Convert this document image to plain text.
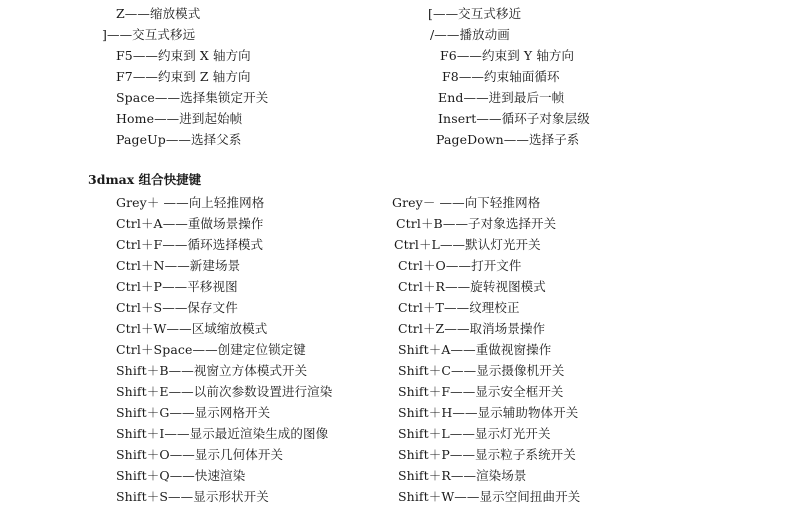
Z——缩放模式
]——交互式移远
F5——约束到 X 轴方向
F7——约束到 Z 轴方向
Space——选择集锁定开关
Home——进到起始帧
PageUp——选择父系
[——交互式移近
/——播放动画
F6——约束到 Y 轴方向
F8——约束轴面循环
End——进到最后一帧
Insert——循环子对象层级
PageDown——选择子系
3dmax 组合快捷键
Grey＋ ——向上轻推网格
Ctrl＋A——重做场景操作
Ctrl＋F——循环选择模式
Ctrl＋N——新建场景
Ctrl＋P——平移视图
Ctrl＋S——保存文件
Ctrl＋W——区域缩放模式
Ctrl＋Space——创建定位锁定键
Shift＋B——视窗立方体模式开关
Shift＋E——以前次参数设置进行渲染
Shift＋G——显示网格开关
Shift＋I——显示最近渲染生成的图像
Shift＋O——显示几何体开关
Shift＋Q——快速渲染
Shift＋S——显示形状开关
Grey－ ——向下轻推网格
Ctrl＋B——子对象选择开关
Ctrl＋L——默认灯光开关
Ctrl＋O——打开文件
Ctrl＋R——旋转视图模式
Ctrl＋T——纹理校正
Ctrl＋Z——取消场景操作
Shift＋A——重做视窗操作
Shift＋C——显示摄像机开关
Shift＋F——显示安全框开关
Shift＋H——显示辅助物体开关
Shift＋L——显示灯光开关
Shift＋P——显示粒子系统开关
Shift＋R——渲染场景
Shift＋W——显示空间扭曲开关
